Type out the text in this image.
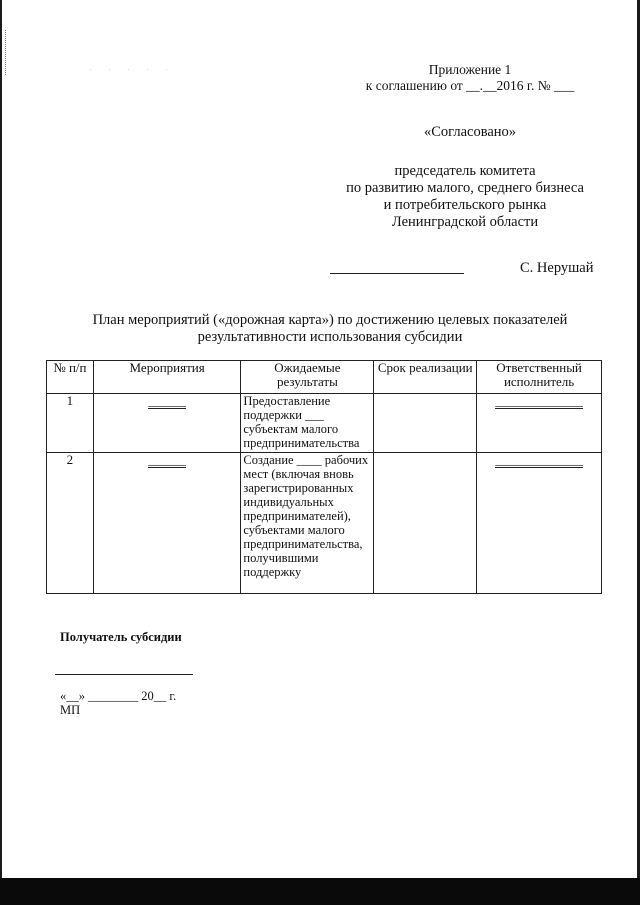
. . . . .	Приложение 1
к соглашению от __.__2016 г. № ___
«Согласовано»
председатель комитета
по развитию малого, среднего бизнеса
и потребительского рынка
Ленинградской области
С. Нерушай
План мероприятий («дорожная карта») по достижению целевых показателей
результативности использования субсидии
№ п/п	Мероприятия	Ожидаемые результаты	Срок реализации	Ответственный исполнитель
1	______	Предоставление поддержки ___ субъектам малого предпринимательства		______________
2	______	Создание ____ рабочих мест (включая вновь зарегистрированных индивидуальных предпринимателей), субъектами малого предпринимательства, получившими поддержку		______________
Получатель субсидии
«__» ________ 20__ г.
МП
